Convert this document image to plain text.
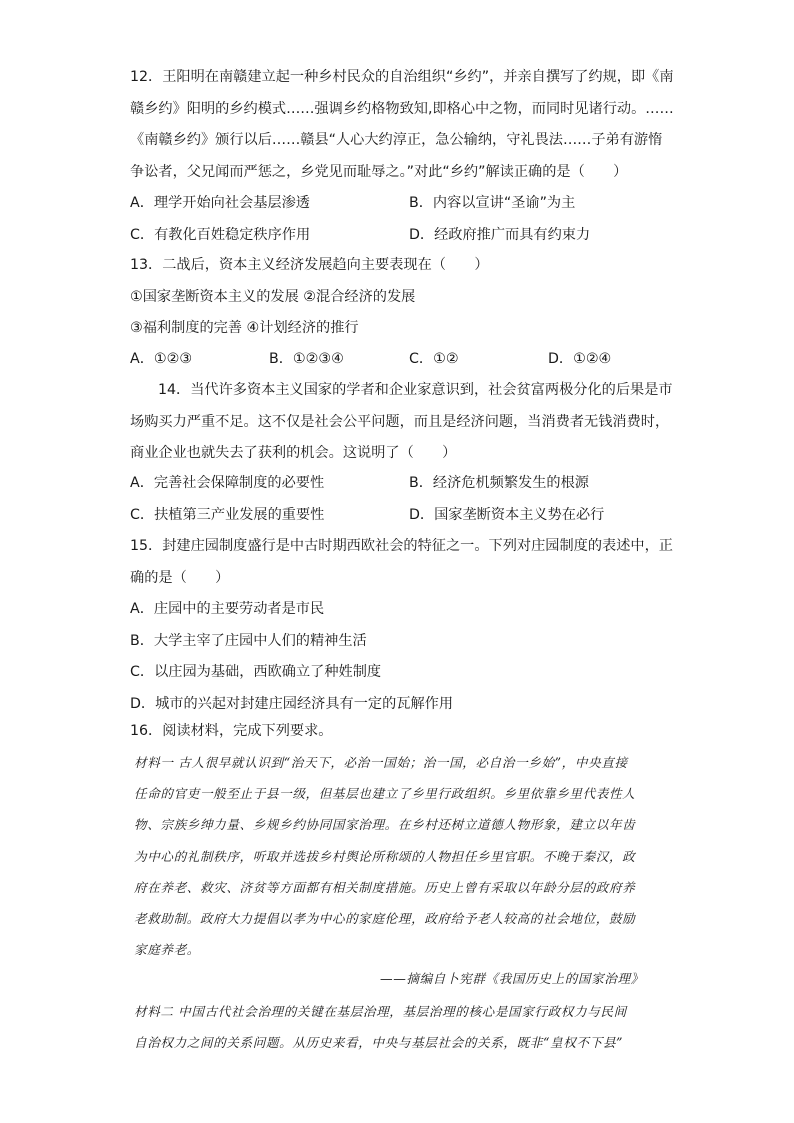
12．王阳明在南赣建立起一种乡村民众的自治组织“乡约”，并亲自撰写了约规，即《南
赣乡约》阳明的乡约模式……强调乡约格物致知,即格心中之物，而同时见诸行动。……
《南赣乡约》颁行以后……赣县“人心大约淳正，急公输纳，守礼畏法……子弟有游惰
争讼者，父兄闻而严惩之，乡党见而耻辱之。”对此“乡约”解读正确的是（　　）
A．理学开始向社会基层渗透	B．内容以宣讲“圣谕”为主
C．有教化百姓稳定秩序作用	D．经政府推广而具有约束力
13．二战后，资本主义经济发展趋向主要表现在（　　）
①国家垄断资本主义的发展 ②混合经济的发展
③福利制度的完善 ④计划经济的推行
A．①②③	B．①②③④	C．①②	D．①②④
14．当代许多资本主义国家的学者和企业家意识到，社会贫富两极分化的后果是市
场购买力严重不足。这不仅是社会公平问题，而且是经济问题，当消费者无钱消费时，
商业企业也就失去了获利的机会。这说明了（　　）
A．完善社会保障制度的必要性	B．经济危机频繁发生的根源
C．扶植第三产业发展的重要性	D．国家垄断资本主义势在必行
15．封建庄园制度盛行是中古时期西欧社会的特征之一。下列对庄园制度的表述中，正
确的是（　　）
A．庄园中的主要劳动者是市民
B．大学主宰了庄园中人们的精神生活
C．以庄园为基础，西欧确立了种姓制度
D．城市的兴起对封建庄园经济具有一定的瓦解作用
16．阅读材料，完成下列要求。
材料一 古人很早就认识到“治天下，必治一国始；治一国，必自治一乡始”，中央直接
任命的官吏一般至止于县一级，但基层也建立了乡里行政组织。乡里依靠乡里代表性人
物、宗族乡绅力量、乡规乡约协同国家治理。在乡村还树立道德人物形象，建立以年齿
为中心的礼制秩序，听取并选拔乡村舆论所称颂的人物担任乡里官职。不晚于秦汉，政
府在养老、救灾、济贫等方面都有相关制度措施。历史上曾有采取以年龄分层的政府养
老救助制。政府大力提倡以孝为中心的家庭伦理，政府给予老人较高的社会地位，鼓励
家庭养老。
——摘编自卜宪群《我国历史上的国家治理》
材料二 中国古代社会治理的关键在基层治理，基层治理的核心是国家行政权力与民间
自治权力之间的关系问题。从历史来看，中央与基层社会的关系，既非“皇权不下县”
